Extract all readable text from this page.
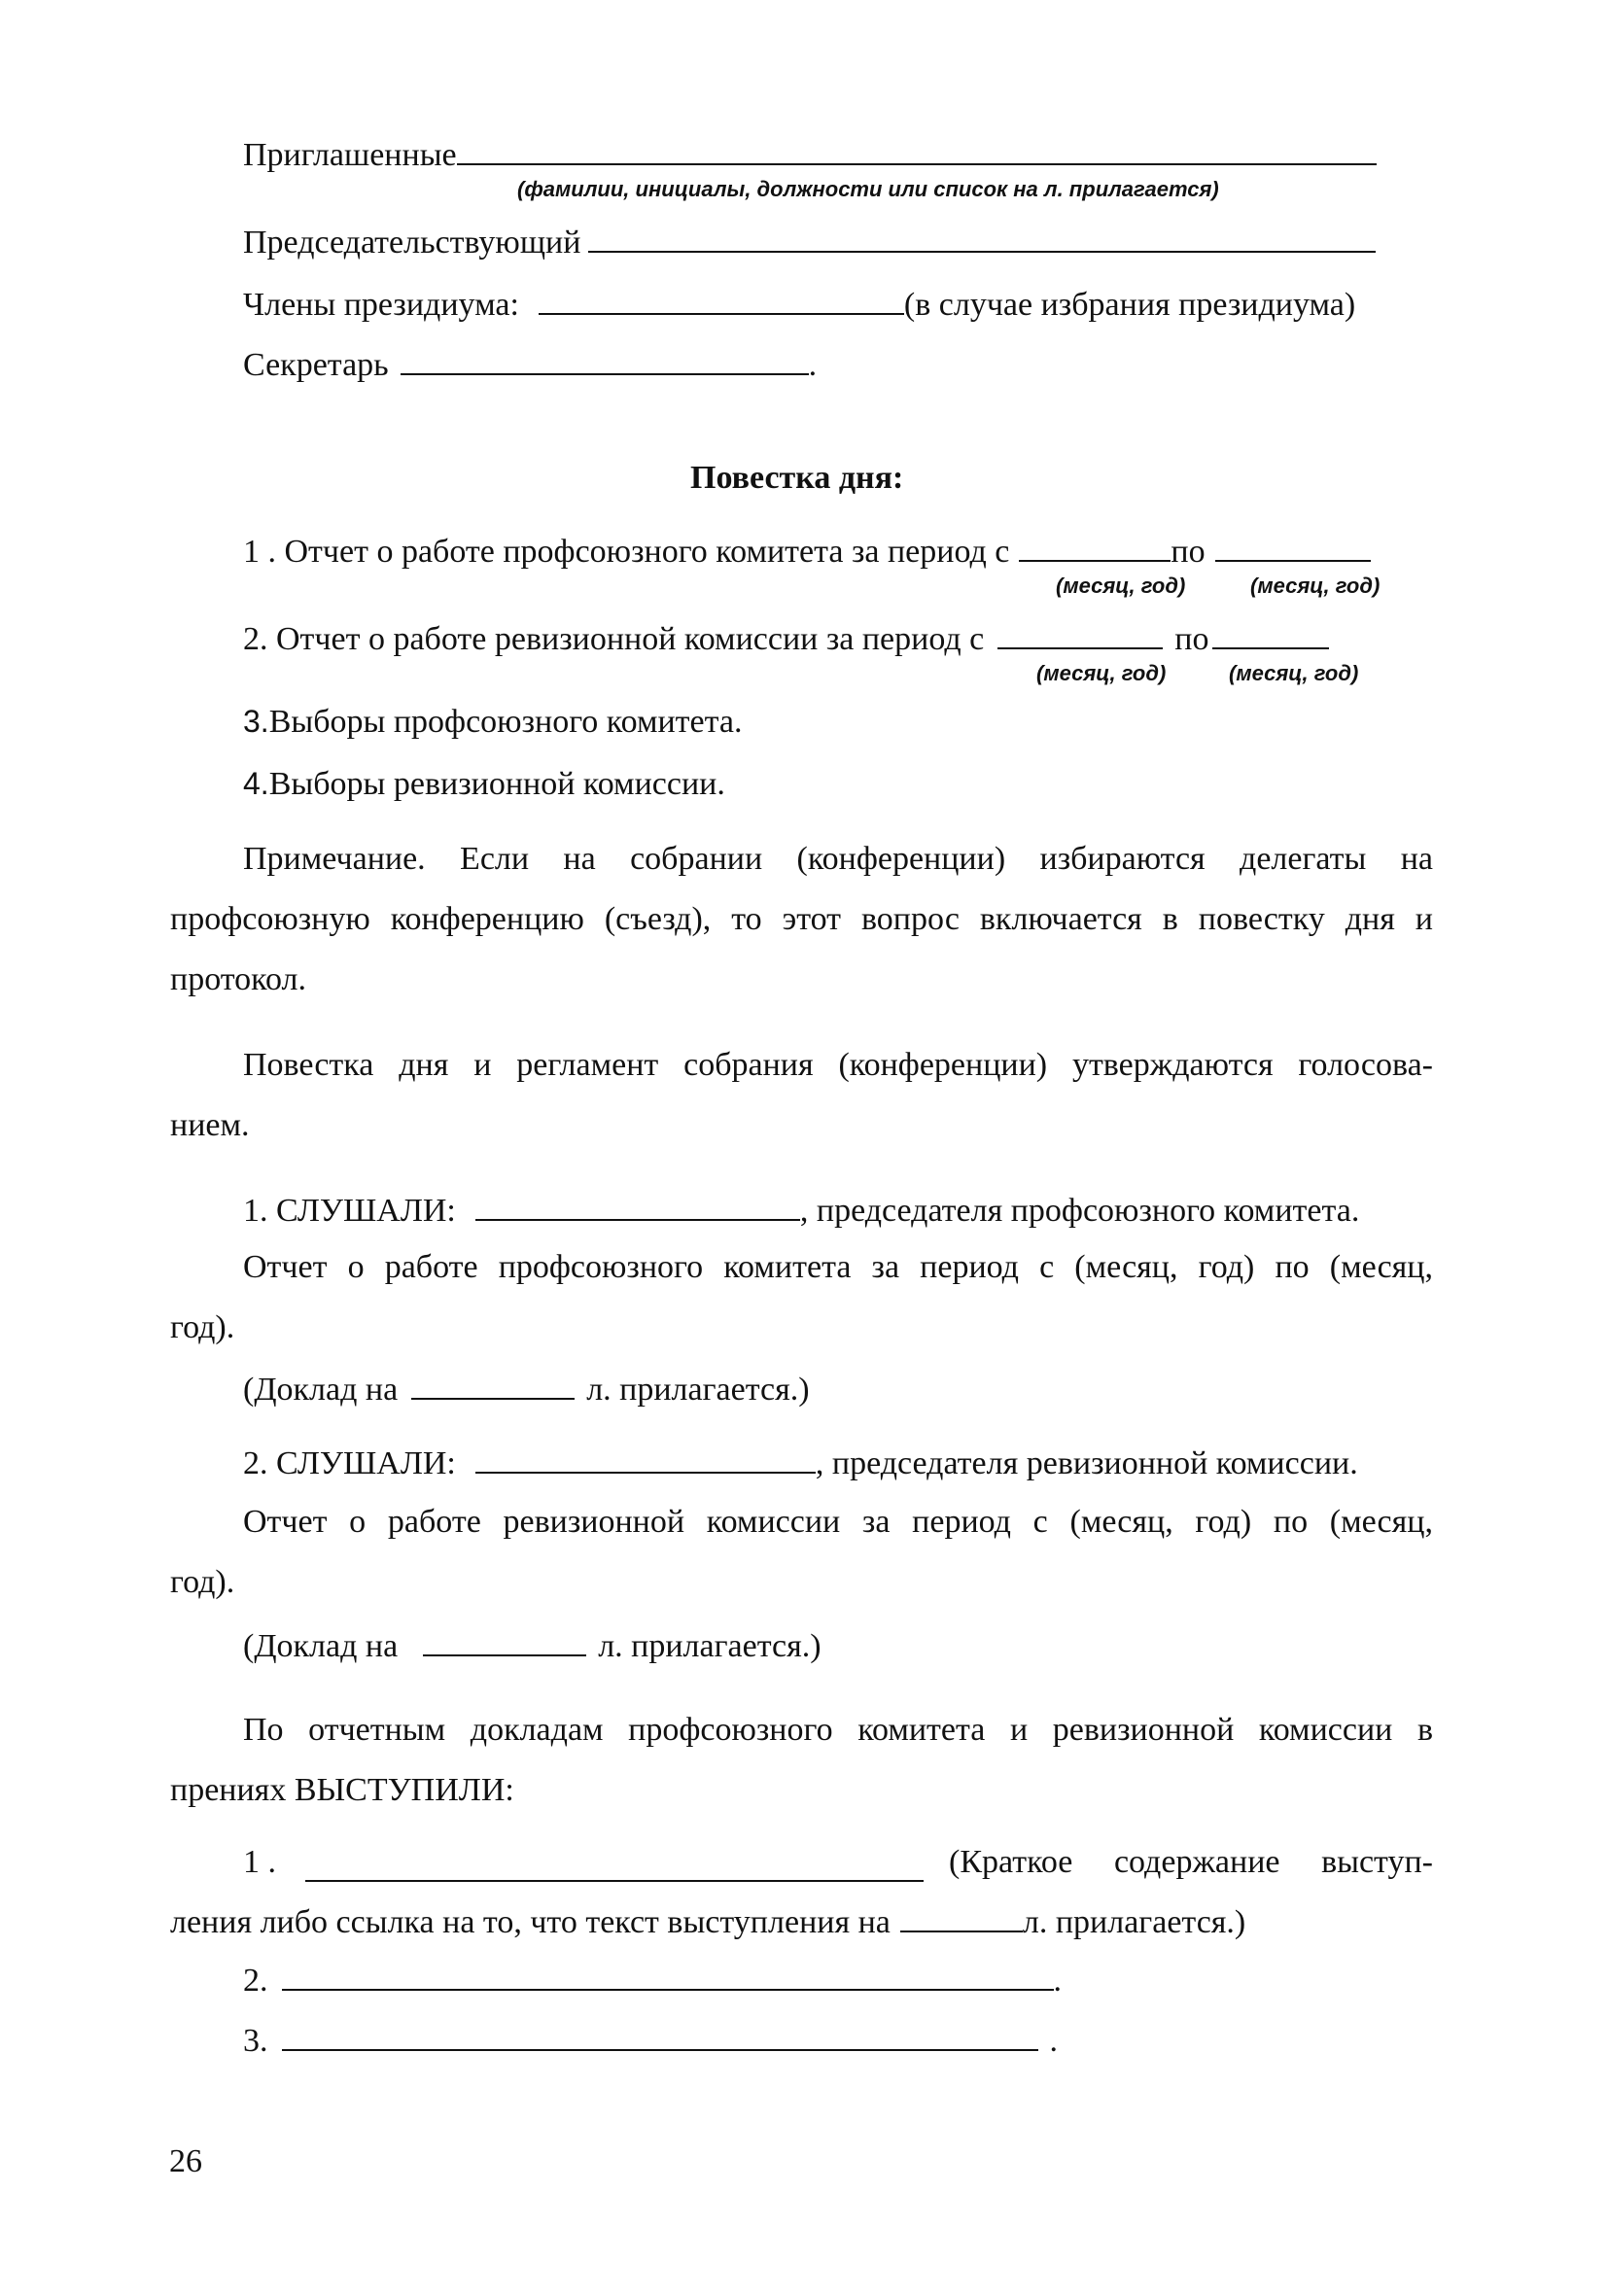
Приглашенные
(фамилии, инициалы, должности или список на л. прилагается)
Председательствующий
Члены президиума:	(в случае избрания президиума)
Секретарь	.
Повестка дня:
1 . Отчет о работе профсоюзного комитета за период с	по
(месяц, год)	(месяц, год)
2. Отчет о работе ревизионной комиссии за период с	по
(месяц, год)	(месяц, год)
3.Выборы профсоюзного комитета.
4.Выборы ревизионной комиссии.
Примечание. Если на собрании (конференции) избираются делегаты на
профсоюзную конференцию (съезд), то этот вопрос включается в повестку дня и
протокол.
Повестка дня и регламент собрания (конференции) утверждаются голосова-
нием.
1. СЛУШАЛИ:	, председателя профсоюзного комитета.
Отчет о работе профсоюзного комитета за период с (месяц, год) по (месяц,
год).
(Доклад на	л. прилагается.)
2. СЛУШАЛИ:	, председателя ревизионной комиссии.
Отчет о работе ревизионной комиссии за период с (месяц, год) по (месяц,
год).
(Доклад на	л. прилагается.)
По отчетным докладам профсоюзного комитета и ревизионной комиссии в
прениях ВЫСТУПИЛИ:
1 .	(Краткое содержание выступ-
ления либо ссылка на то, что текст выступления на	л. прилагается.)
2.	.
3.	.
26
